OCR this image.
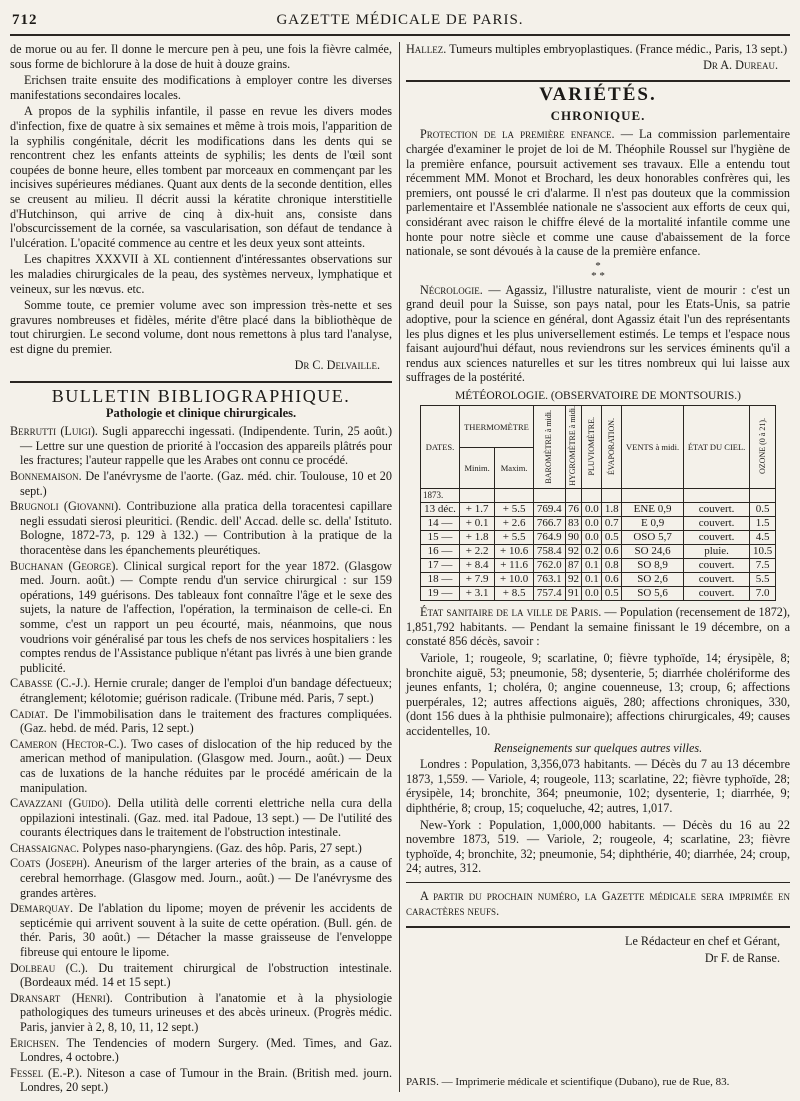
712	GAZETTE MÉDICALE DE PARIS.

de morue ou au fer. Il donne le mercure pen à peu, une fois la fièvre calmée, sous forme de bichlorure à la dose de huit à douze grains.

Erichsen traite ensuite des modifications à employer contre les diverses manifestations secondaires locales.

A propos de la syphilis infantile, il passe en revue les divers modes d'infection, fixe de quatre à six semaines et même à trois mois, l'apparition de la syphilis congénitale, décrit les modifications dans les dents qui se rencontrent chez les enfants atteints de syphilis; les dents de l'œil sont coupées de bonne heure, elles tombent par morceaux en commençant par les incisives supérieures médianes. Quant aux dents de la seconde dentition, elles se creusent au milieu. Il décrit aussi la kératite chronique interstitielle d'Hutchinson, qui arrive de cinq à dix-huit ans, consiste dans l'obscurcissement de la cornée, sa vascularisation, son défaut de tendance à l'ulcération. L'opacité commence au centre et les deux yeux sont atteints.

Les chapitres XXXVII à XL contiennent d'intéressantes observations sur les maladies chirurgicales de la peau, des systèmes nerveux, lymphatique et veineux, sur les nœvus. etc.

Somme toute, ce premier volume avec son impression très-nette et ses gravures nombreuses et fidèles, mérite d'être placé dans la bibliothèque de tout chirurgien. Le second volume, dont nous remettons à plus tard l'analyse, est digne du premier.

Dr C. Delvaille.

BULLETIN BIBLIOGRAPHIQUE.
Pathologie et clinique chirurgicales.

Berrutti (Luigi). Sugli apparecchi ingessati. (Indipendente. Turin, 25 août.) — Lettre sur une question de priorité à l'occasion des appareils plâtrés pour les fractures; l'auteur rappelle que les Arabes ont connu ce procédé.

Bonnemaison. De l'anévrysme de l'aorte. (Gaz. méd. chir. Toulouse, 10 et 20 sept.)

Brugnoli (Giovanni). Contribuzione alla pratica della toracentesi capillare negli essudati sierosi pleuritici. (Rendic. dell' Accad. delle sc. della' Istituto. Bologne, 1872-73, p. 129 à 132.) — Contribution à la pratique de la thoracentèse dans les épanchements pleurétiques.

Buchanan (George). Clinical surgical report for the year 1872. (Glasgow med. Journ. août.) — Compte rendu d'un service chirurgical : sur 159 opérations, 149 guérisons. Des tableaux font connaître l'âge et le sexe des sujets, la nature de l'affection, l'opération, la terminaison de celle-ci. En somme, c'est un rapport un peu écourté, mais, néanmoins, que nous voudrions voir généralisé par tous les chefs de nos services hospitaliers : les comptes rendus de l'Assistance publique n'étant pas livrés à une bien grande publicité.

Cabasse (C.-J.). Hernie crurale; danger de l'emploi d'un bandage défectueux; étranglement; kélotomie; guérison radicale. (Tribune méd. Paris, 7 sept.)

Cadiat. De l'immobilisation dans le traitement des fractures compliquées. (Gaz. hebd. de méd. Paris, 12 sept.)

Cameron (Hector-C.). Two cases of dislocation of the hip reduced by the american method of manipulation. (Glasgow med. Journ., août.) — Deux cas de luxations de la hanche réduites par le procédé américain de la manipulation.

Cavazzani (Guido). Della utilità delle correnti elettriche nella cura della oppilazioni intestinali. (Gaz. med. ital Padoue, 13 sept.) — De l'utilité des courants électriques dans le traitement de l'obstruction intestinale.

Chassaignac. Polypes naso-pharyngiens. (Gaz. des hôp. Paris, 27 sept.)

Coats (Joseph). Aneurism of the larger arteries of the brain, as a cause of cerebral hemorrhage. (Glasgow med. Journ., août.) — De l'anévrysme des grandes artères.

Demarquay. De l'ablation du lipome; moyen de prévenir les accidents de septicémie qui arrivent souvent à la suite de cette opération. (Bull. gén. de thér. Paris, 30 août.) — Détacher la masse graisseuse de l'enveloppe fibreuse qui entoure le lipome.

Dolbeau (C.). Du traitement chirurgical de l'obstruction intestinale. (Bordeaux méd. 14 et 15 sept.)

Dransart (Henri). Contribution à l'anatomie et à la physiologie pathologiques des tumeurs urineuses et des abcès urineux. (Progrès médic. Paris, janvier à 2, 8, 10, 11, 12 sept.)

Erichsen. The Tendencies of modern Surgery. (Med. Times, and Gaz. Londres, 4 octobre.)

Fessel (E.-P.). Niteson a case of Tumour in the Brain. (British med. journ. Londres, 20 sept.)

Hallez. Tumeurs multiples embryoplastiques. (France médic., Paris, 13 sept.)

Dr A. Dureau.

VARIÉTÉS.
CHRONIQUE.

Protection de la première enfance. — La commission parlementaire chargée d'examiner le projet de loi de M. Théophile Roussel sur l'hygiène de la première enfance, poursuit activement ses travaux. Elle a entendu tout récemment MM. Monot et Brochard, les deux honorables confrères qui, les premiers, ont poussé le cri d'alarme. Il n'est pas douteux que la commission parlementaire et l'Assemblée nationale ne s'associent aux efforts de ceux qui, considérant avec raison le chiffre élevé de la mortalité infantile comme une honte pour notre siècle et comme une cause d'abaissement de la force nationale, se sont dévoués à la cause de la première enfance.

*
* *

Nécrologie. — Agassiz, l'illustre naturaliste, vient de mourir : c'est un grand deuil pour la Suisse, son pays natal, pour les Etats-Unis, sa patrie adoptive, pour la science en général, dont Agassiz était l'un des représentants les plus dignes et les plus universellement estimés. Le temps et l'espace nous faisant aujourd'hui défaut, nous reviendrons sur les services éminents qu'il a rendus aux sciences naturelles et sur les titres nombreux qui lui laisse aux suffrages de la postérité.

MÉTÉOROLOGIE. (OBSERVATOIRE DE MONTSOURIS.)
DATES.	THERMOMÈTRE		BAROMÈTRE à midi.	HYGROMÈTRE à midi.	PLUVIOMÈTRE.	ÉVAPORATION.	VENTS à midi.	ÉTAT DU CIEL.	OZONE (0 à 21).
	Minim.	Maxim.							
1873.									
13 déc.	+ 1.7	+ 5.5	769.4	76	0.0	1.8	ENE 0,9	couvert.	0.5
14 —	+ 0.1	+ 2.6	766.7	83	0.0	0.7	E 0,9	couvert.	1.5
15 —	+ 1.8	+ 5.5	764.9	90	0.0	0.5	OSO 5,7	couvert.	4.5
16 —	+ 2.2	+ 10.6	758.4	92	0.2	0.6	SO 24,6	pluie.	10.5
17 —	+ 8.4	+ 11.6	762.0	87	0.1	0.8	SO 8,9	couvert.	7.5
18 —	+ 7.9	+ 10.0	763.1	92	0.1	0.6	SO 2,6	couvert.	5.5
19 —	+ 3.1	+ 8.5	757.4	91	0.0	0.5	SO 5,6	couvert.	7.0

État sanitaire de la ville de Paris. — Population (recensement de 1872), 1,851,792 habitants. — Pendant la semaine finissant le 19 décembre, on a constaté 856 décès, savoir :

Variole, 1; rougeole, 9; scarlatine, 0; fièvre typhoïde, 14; érysipèle, 8; bronchite aiguë, 53; pneumonie, 58; dysenterie, 5; diarrhée cholériforme des jeunes enfants, 1; choléra, 0; angine couenneuse, 13; croup, 6; affections puerpérales, 12; autres affections aiguës, 280; affections chroniques, 330, (dont 156 dues à la phthisie pulmonaire); affections chirurgicales, 49; causes accidentelles, 10.

Renseignements sur quelques autres villes.

Londres : Population, 3,356,073 habitants. — Décès du 7 au 13 décembre 1873, 1,559. — Variole, 4; rougeole, 113; scarlatine, 22; fièvre typhoïde, 28; érysipèle, 14; bronchite, 364; pneumonie, 102; dysenterie, 1; diarrhée, 9; diphthérie, 8; croup, 15; coqueluche, 42; autres, 1,017.

New-York : Population, 1,000,000 habitants. — Décès du 16 au 22 novembre 1873, 519. — Variole, 2; rougeole, 4; scarlatine, 23; fièvre typhoïde, 4; bronchite, 32; pneumonie, 54; diphthérie, 40; diarrhée, 24; croup, 24; autres, 312.

A partir du prochain numéro, la Gazette médicale sera imprimée en caractères neufs.

Le Rédacteur en chef et Gérant,

Dr F. de Ranse.

PARIS. — Imprimerie médicale et scientifique (Dubano), rue de Rue, 83.
